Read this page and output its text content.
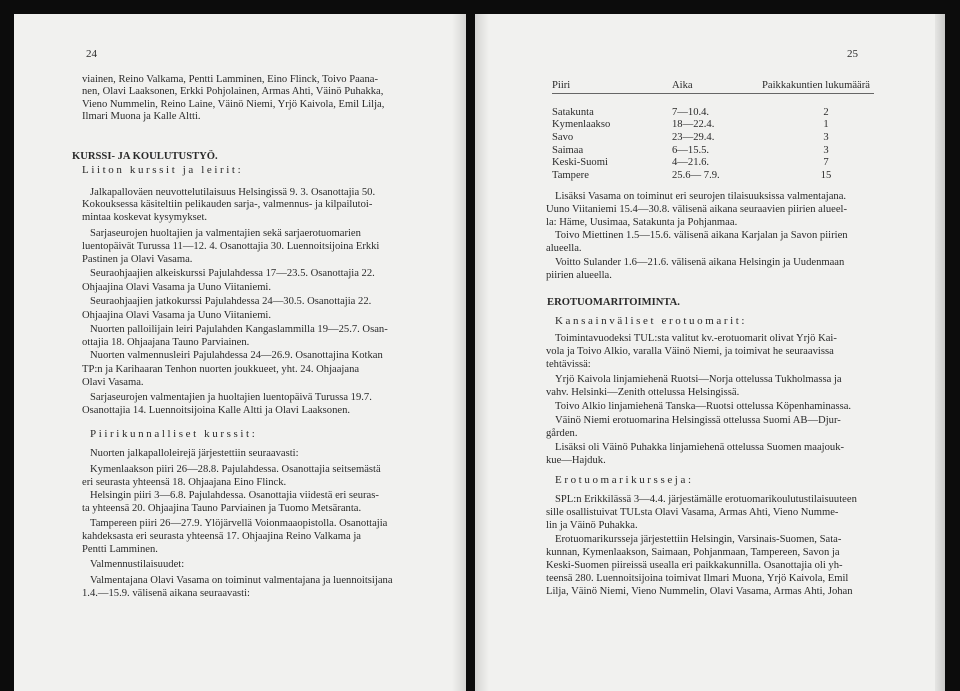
24
viainen, Reino Valkama, Pentti Lamminen, Eino Flinck, Toivo Paana-
nen, Olavi Laaksonen, Erkki Pohjolainen, Armas Ahti, Väinö Puhakka,
Vieno Nummelin, Reino Laine, Väinö Niemi, Yrjö Kaivola, Emil Lilja,
Ilmari Muona ja Kalle Altti.
KURSSI- JA KOULUTUSTYÖ.
Liiton kurssit ja leirit:
Jalkapalloväen neuvottelutilaisuus Helsingissä 9. 3. Osanottajia 50.
Kokouksessa käsiteltiin pelikauden sarja-, valmennus- ja kilpailutoi-
mintaa koskevat kysymykset.
Sarjaseurojen huoltajien ja valmentajien sekä sarjaerotuomarien
luentopäivät Turussa 11—12. 4. Osanottajia 30. Luennoitsijoina Erkki
Pastinen ja Olavi Vasama.
Seuraohjaajien alkeiskurssi Pajulahdessa 17—23.5. Osanottajia 22.
Ohjaajina Olavi Vasama ja Uuno Viitaniemi.
Seuraohjaajien jatkokurssi Pajulahdessa 24—30.5. Osanottajia 22.
Ohjaajina Olavi Vasama ja Uuno Viitaniemi.
Nuorten palloilijain leiri Pajulahden Kangaslammilla 19—25.7. Osan-
ottajia 18. Ohjaajana Tauno Parviainen.
Nuorten valmennusleiri Pajulahdessa 24—26.9. Osanottajina Kotkan
TP:n ja Karihaaran Tenhon nuorten joukkueet, yht. 24. Ohjaajana
Olavi Vasama.
Sarjaseurojen valmentajien ja huoltajien luentopäivä Turussa 19.7.
Osanottajia 14. Luennoitsijoina Kalle Altti ja Olavi Laaksonen.
Piirikunnalliset kurssit:
Nuorten jalkapalloleirejä järjestettiin seuraavasti:
Kymenlaakson piiri 26—28.8. Pajulahdessa. Osanottajia seitsemästä
eri seurasta yhteensä 18. Ohjaajana Eino Flinck.
Helsingin piiri 3—6.8. Pajulahdessa. Osanottajia viidestä eri seuras-
ta yhteensä 20. Ohjaajina Tauno Parviainen ja Tuomo Metsäranta.
Tampereen piiri 26—27.9. Ylöjärvellä Voionmaaopistolla. Osanottajia
kahdeksasta eri seurasta yhteensä 17. Ohjaajina Reino Valkama ja
Pentti Lamminen.
Valmennustilaisuudet:
Valmentajana Olavi Vasama on toiminut valmentajana ja luennoitsijana
1.4.—15.9. välisenä aikana seuraavasti:
25
Piiri	Aika	Paikkakuntien lukumäärä
Satakunta	7—10.4.	2
Kymenlaakso	18—22.4.	1
Savo	23—29.4.	3
Saimaa	6—15.5.	3
Keski-Suomi	4—21.6.	7
Tampere	25.6— 7.9.	15
Lisäksi Vasama on toiminut eri seurojen tilaisuuksissa valmentajana.
Uuno Viitaniemi 15.4—30.8. välisenä aikana seuraavien piirien alueel-
la: Häme, Uusimaa, Satakunta ja Pohjanmaa.
Toivo Miettinen 1.5—15.6. välisenä aikana Karjalan ja Savon piirien
alueella.
Voitto Sulander 1.6—21.6. välisenä aikana Helsingin ja Uudenmaan
piirien alueella.
EROTUOMARITOIMINTA.
Kansainväliset erotuomarit:
Toimintavuodeksi TUL:sta valitut kv.-erotuomarit olivat Yrjö Kai-
vola ja Toivo Alkio, varalla Väinö Niemi, ja toimivat he seuraavissa
tehtävissä:
Yrjö Kaivola linjamiehenä Ruotsi—Norja ottelussa Tukholmassa ja
vahv. Helsinki—Zenith ottelussa Helsingissä.
Toivo Alkio linjamiehenä Tanska—Ruotsi ottelussa Köpenhaminassa.
Väinö Niemi erotuomarina Helsingissä ottelussa Suomi AB—Djur-
gården.
Lisäksi oli Väinö Puhakka linjamiehenä ottelussa Suomen maajouk-
kue—Hajduk.
Erotuomarikursseja:
SPL:n Erikkilässä 3—4.4. järjestämälle erotuomarikoulutustilaisuuteen
sille osallistuivat TULsta Olavi Vasama, Armas Ahti, Vieno Numme-
lin ja Väinö Puhakka.
Erotuomarikursseja järjestettiin Helsingin, Varsinais-Suomen, Sata-
kunnan, Kymenlaakson, Saimaan, Pohjanmaan, Tampereen, Savon ja
Keski-Suomen piireissä usealla eri paikkakunnilla. Osanottajia oli yh-
teensä 280. Luennoitsijoina toimivat Ilmari Muona, Yrjö Kaivola, Emil
Lilja, Väinö Niemi, Vieno Nummelin, Olavi Vasama, Armas Ahti, Johan
